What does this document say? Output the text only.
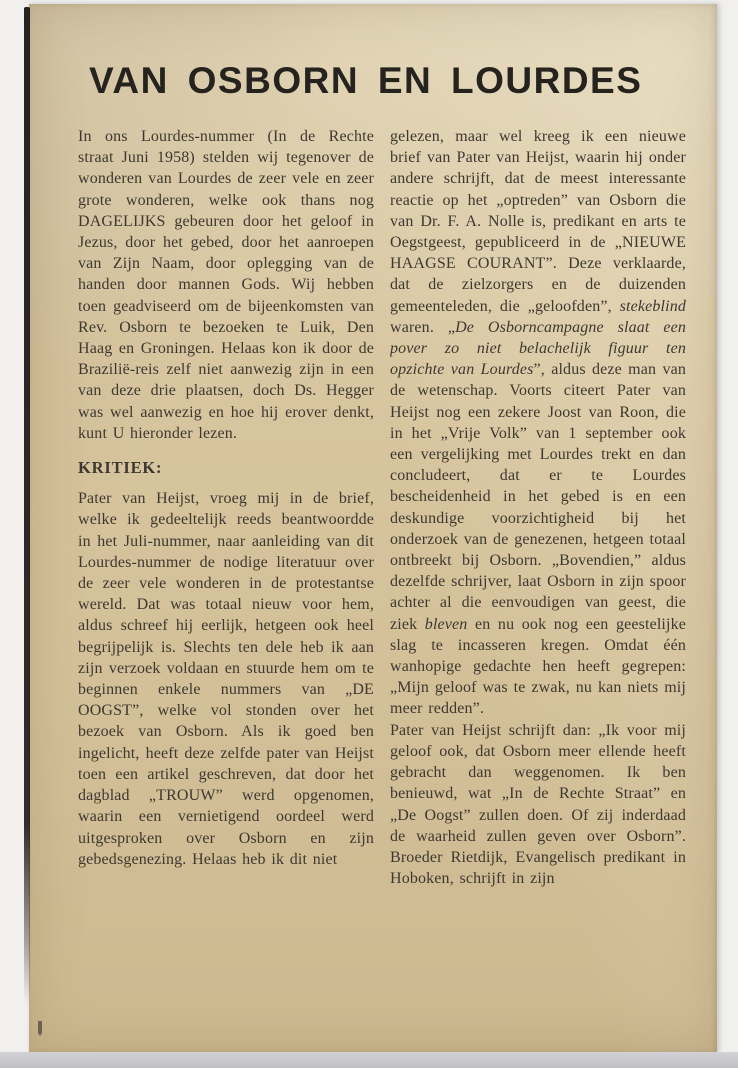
VAN OSBORN EN LOURDES

In ons Lourdes-nummer (In de Rechte straat Juni 1958) stelden wij tegenover de wonderen van Lourdes de zeer vele en zeer grote wonderen, welke ook thans nog DAGELIJKS gebeuren door het geloof in Jezus, door het gebed, door het aanroepen van Zijn Naam, door oplegging van de handen door mannen Gods. Wij hebben toen geadviseerd om de bijeenkomsten van Rev. Osborn te bezoeken te Luik, Den Haag en Groningen. Helaas kon ik door de Brazilië-reis zelf niet aanwezig zijn in een van deze drie plaatsen, doch Ds. Hegger was wel aanwezig en hoe hij erover denkt, kunt U hieronder lezen.

KRITIEK:

Pater van Heijst, vroeg mij in de brief, welke ik gedeeltelijk reeds beantwoordde in het Juli-nummer, naar aanleiding van dit Lourdes-nummer de nodige literatuur over de zeer vele wonderen in de protestantse wereld. Dat was totaal nieuw voor hem, aldus schreef hij eerlijk, hetgeen ook heel begrijpelijk is. Slechts ten dele heb ik aan zijn verzoek voldaan en stuurde hem om te beginnen enkele nummers van „DE OOGST”, welke vol stonden over het bezoek van Osborn. Als ik goed ben ingelicht, heeft deze zelfde pater van Heijst toen een artikel geschreven, dat door het dagblad „TROUW” werd opgenomen, waarin een vernietigend oordeel werd uitgesproken over Osborn en zijn gebedsgenezing. Helaas heb ik dit niet

gelezen, maar wel kreeg ik een nieuwe brief van Pater van Heijst, waarin hij onder andere schrijft, dat de meest interessante reactie op het „optreden” van Osborn die van Dr. F. A. Nolle is, predikant en arts te Oegstgeest, gepubliceerd in de „NIEUWE HAAGSE COURANT”. Deze verklaarde, dat de zielzorgers en de duizenden gemeenteleden, die „geloofden”, stekeblind waren. „De Osborncampagne slaat een pover zo niet belachelijk figuur ten opzichte van Lourdes”, aldus deze man van de wetenschap. Voorts citeert Pater van Heijst nog een zekere Joost van Roon, die in het „Vrije Volk” van 1 september ook een vergelijking met Lourdes trekt en dan concludeert, dat er te Lourdes bescheidenheid in het gebed is en een deskundige voorzichtigheid bij het onderzoek van de genezenen, hetgeen totaal ontbreekt bij Osborn. „Bovendien,” aldus dezelfde schrijver, laat Osborn in zijn spoor achter al die eenvoudigen van geest, die ziek bleven en nu ook nog een geestelijke slag te incasseren kregen. Omdat één wanhopige gedachte hen heeft gegrepen: „Mijn geloof was te zwak, nu kan niets mij meer redden”.

Pater van Heijst schrijft dan: „Ik voor mij geloof ook, dat Osborn meer ellende heeft gebracht dan weggenomen. Ik ben benieuwd, wat „In de Rechte Straat” en „De Oogst” zullen doen. Of zij inderdaad de waarheid zullen geven over Osborn”. Broeder Rietdijk, Evangelisch predikant in Hoboken, schrijft in zijn
